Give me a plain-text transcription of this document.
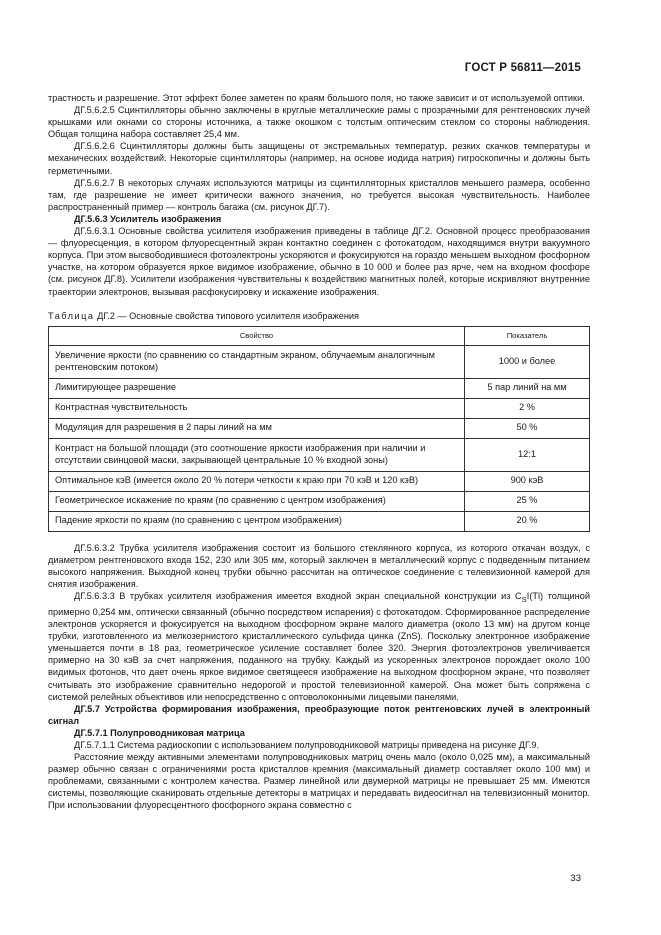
ГОСТ Р 56811—2015

трастность и разрешение. Этот эффект более заметен по краям большого поля, но также зависит и от используемой оптики.

ДГ.5.6.2.5 Сцинтилляторы обычно заключены в круглые металлические рамы с прозрачными для рентгеновских лучей крышками или окнами со стороны источника, а также окошком с толстым оптическим стеклом со стороны наблюдения. Общая толщина набора составляет 25,4 мм.

ДГ.5.6.2.6 Сцинтилляторы должны быть защищены от экстремальных температур, резких скачков температуры и механических воздействий. Некоторые сцинтилляторы (например, на основе иодида натрия) гигроскопичны и должны быть герметичными.

ДГ.5.6.2.7 В некоторых случаях используются матрицы из сцинтилляторных кристаллов меньшего размера, особенно там, где разрешение не имеет критически важного значения, но требуется высокая чувствительность. Наиболее распространенный пример — контроль багажа (см. рисунок ДГ.7).

ДГ.5.6.3 Усилитель изображения

ДГ.5.6.3.1 Основные свойства усилителя изображения приведены в таблице ДГ.2. Основной процесс преобразования — флуоресценция, в котором флуоресцентный экран контактно соединен с фотокатодом, находящимся внутри вакуумного корпуса. При этом высвободившиеся фотоэлектроны ускоряются и фокусируются на гораздо меньшем выходном фосфорном участке, на котором образуется яркое видимое изображение, обычно в 10 000 и более раз ярче, чем на входном фосфоре (см. рисунок ДГ.8). Усилители изображения чувствительны к воздействию магнитных полей, которые искривляют внутренние траектории электронов, вызывая расфокусировку и искажение изображения.

Таблица ДГ.2 — Основные свойства типового усилителя изображения

Свойство	Показатель
Увеличение яркости (по сравнению со стандартным экраном, облучаемым аналогичным рентгеновским потоком)	1000 и более
Лимитирующее разрешение	5 пар линий на мм
Контрастная чувствительность	2 %
Модуляция для разрешения в 2 пары линий на мм	50 %
Контраст на большой площади (это соотношение яркости изображения при наличии и отсутствии свинцовой маски, закрывающей центральные 10 % входной зоны)	12:1
Оптимальное кэВ (имеется около 20 % потери четкости к краю при 70 кэВ и 120 кэВ)	900 кэВ
Геометрическое искажение по краям (по сравнению с центром изображения)	25 %
Падение яркости по краям (по сравнению с центром изображения)	20 %

ДГ.5.6.3.2 Трубка усилителя изображения состоит из большого стеклянного корпуса, из которого откачан воздух, с диаметром рентгеновского входа 152, 230 или 305 мм, который заключен в металлический корпус с подведенным питанием высокого напряжения. Выходной конец трубки обычно рассчитан на оптическое соединение с телевизионной камерой для снятия изображения.

ДГ.5.6.3.3 В трубках усилителя изображения имеется входной экран специальной конструкции из $C_SI(Tl)$ толщиной примерно 0,254 мм, оптически связанный (обычно посредством испарения) с фотокатодом. Сформированное распределение электронов ускоряется и фокусируется на выходном фосфорном экране малого диаметра (около 13 мм) на другом конце трубки, изготовленного из мелкозернистого кристаллического сульфида цинка (ZnS). Поскольку электронное изображение уменьшается почти в 18 раз, геометрическое усиление составляет более 320. Энергия фотоэлектронов увеличивается примерно на 30 кэВ за счет напряжения, поданного на трубку. Каждый из ускоренных электронов порождает около 100 видимых фотонов, что дает очень яркое видимое светящееся изображение на выходном фосфорном экране, что позволяет считывать это изображение сравнительно недорогой и простой телевизионной камерой. Она может быть сопряжена с системой релейных объективов или непосредственно с оптоволоконными лицевыми панелями.

ДГ.5.7 Устройства формирования изображения, преобразующие поток рентгеновских лучей в электронный сигнал

ДГ.5.7.1 Полупроводниковая матрица

ДГ.5.7.1.1 Система радиоскопии с использованием полупроводниковой матрицы приведена на рисунке ДГ.9.

Расстояние между активными элементами полупроводниковых матриц очень мало (около 0,025 мм), а максимальный размер обычно связан с ограничениями роста кристаллов кремния (максимальный диаметр составляет около 100 мм) и проблемами, связанными с контролем качества. Размер линейной или двумерной матрицы не превышает 25 мм. Имеются системы, позволяющие сканировать отдельные детекторы в матрицах и передавать видеосигнал на телевизионный монитор. При использовании флуоресцентного фосфорного экрана совместно с

33
